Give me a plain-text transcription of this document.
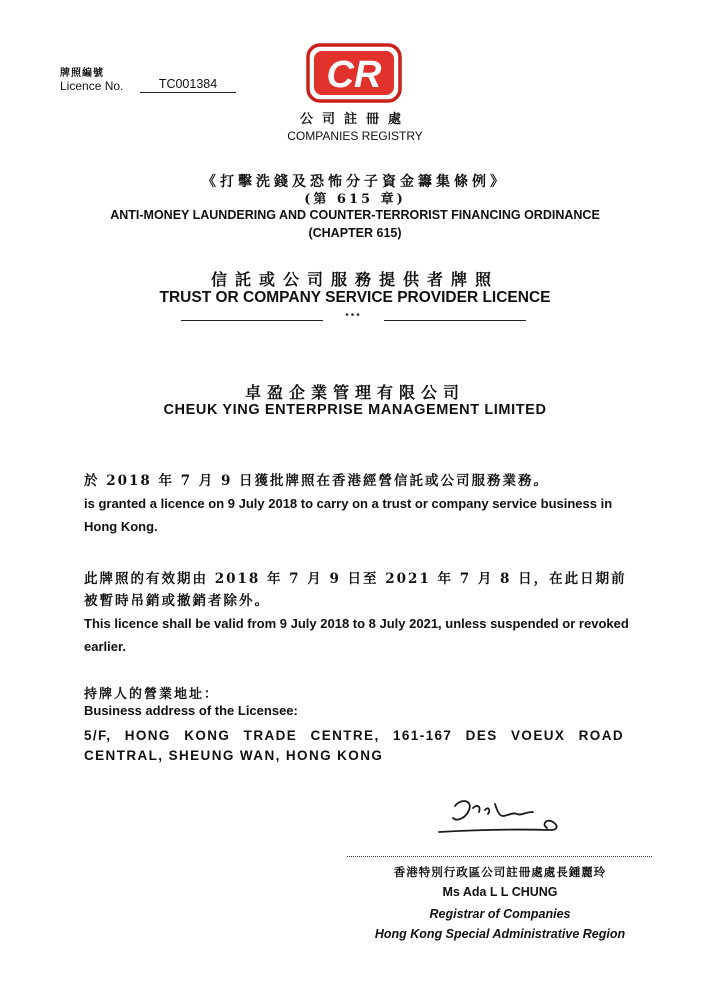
牌照編號
Licence No.	TC001384	CR
公司註冊處
COMPANIES REGISTRY
《打擊洗錢及恐怖分子資金籌集條例》
(第 615 章)
ANTI-MONEY LAUNDERING AND COUNTER-TERRORIST FINANCING ORDINANCE
(CHAPTER 615)
信託或公司服務提供者牌照
TRUST OR COMPANY SERVICE PROVIDER LICENCE
•••
卓盈企業管理有限公司
CHEUK YING ENTERPRISE MANAGEMENT LIMITED
於 2018 年 7 月 9 日獲批牌照在香港經營信託或公司服務業務。
is granted a licence on 9 July 2018 to carry on a trust or company service business in Hong Kong.
此牌照的有效期由 2018 年 7 月 9 日至 2021 年 7 月 8 日，在此日期前被暫時吊銷或撤銷者除外。
This licence shall be valid from 9 July 2018 to 8 July 2021, unless suspended or revoked earlier.
持牌人的營業地址：
Business address of the Licensee:
5/F, HONG KONG TRADE CENTRE, 161-167 DES VOEUX ROAD CENTRAL, SHEUNG WAN, HONG KONG
香港特別行政區公司註冊處處長鍾麗玲
Ms Ada L L CHUNG
Registrar of Companies
Hong Kong Special Administrative Region
